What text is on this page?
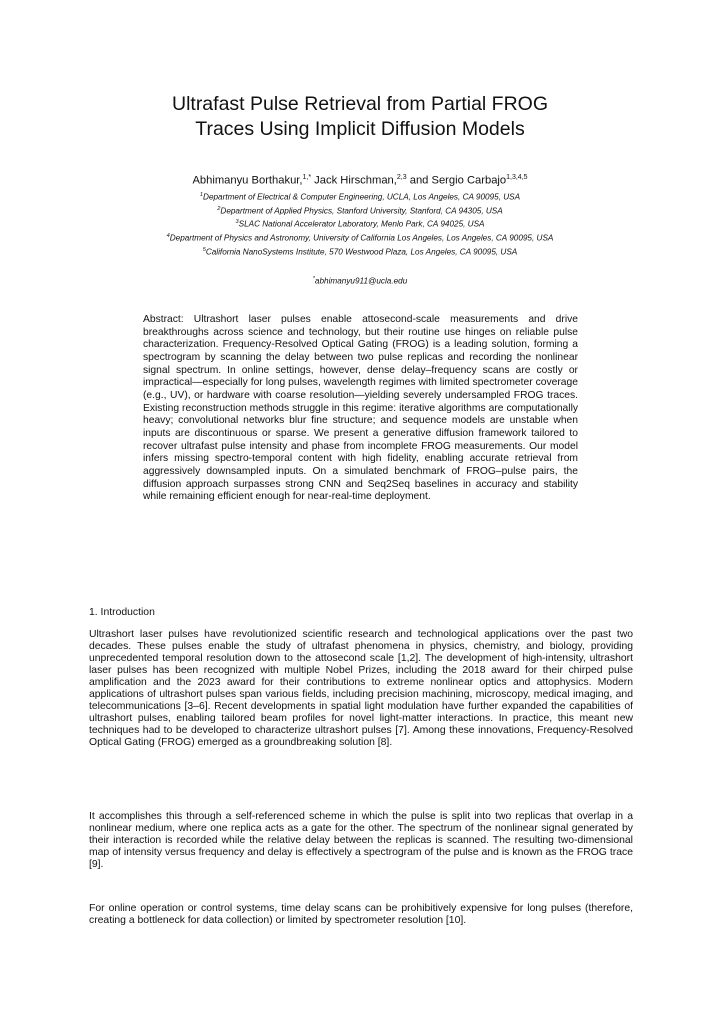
Ultrafast Pulse Retrieval from Partial FROG
Traces Using Implicit Diffusion Models
Abhimanyu Borthakur,$^{1,*}$ Jack Hirschman,$^{2,3}$ and Sergio Carbajo$^{1,3,4,5}$
$^1$Department of Electrical & Computer Engineering, UCLA, Los Angeles, CA 90095, USA
$^2$Department of Applied Physics, Stanford University, Stanford, CA 94305, USA
$^3$SLAC National Accelerator Laboratory, Menlo Park, CA 94025, USA
$^4$Department of Physics and Astronomy, University of California Los Angeles, Los Angeles, CA 90095, USA
$^5$California NanoSystems Institute, 570 Westwood Plaza, Los Angeles, CA 90095, USA
*abhimanyu911@ucla.edu

Abstract: Ultrashort laser pulses enable attosecond-scale measurements and drive breakthroughs across science and technology, but their routine use hinges on reliable pulse characterization. Frequency-Resolved Optical Gating (FROG) is a leading solution, forming a spectrogram by scanning the delay between two pulse replicas and recording the nonlinear signal spectrum. In online settings, however, dense delay–frequency scans are costly or impractical—especially for long pulses, wavelength regimes with limited spectrometer coverage (e.g., UV), or hardware with coarse resolution—yielding severely undersampled FROG traces. Existing reconstruction methods struggle in this regime: iterative algorithms are computationally heavy; convolutional networks blur fine structure; and sequence models are unstable when inputs are discontinuous or sparse. We present a generative diffusion framework tailored to recover ultrafast pulse intensity and phase from incomplete FROG measurements. Our model infers missing spectro-temporal content with high fidelity, enabling accurate retrieval from aggressively downsampled inputs. On a simulated benchmark of FROG–pulse pairs, the diffusion approach surpasses strong CNN and Seq2Seq baselines in accuracy and stability while remaining efficient enough for near-real-time deployment.

1. Introduction

Ultrashort laser pulses have revolutionized scientific research and technological applications over the past two decades. These pulses enable the study of ultrafast phenomena in physics, chemistry, and biology, providing unprecedented temporal resolution down to the attosecond scale [1,2]. The development of high-intensity, ultrashort laser pulses has been recognized with multiple Nobel Prizes, including the 2018 award for their chirped pulse amplification and the 2023 award for their contributions to extreme nonlinear optics and attophysics. Modern applications of ultrashort pulses span various fields, including precision machining, microscopy, medical imaging, and telecommunications [3–6]. Recent developments in spatial light modulation have further expanded the capabilities of ultrashort pulses, enabling tailored beam profiles for novel light-matter interactions. In practice, this meant new techniques had to be developed to characterize ultrashort pulses [7]. Among these innovations, Frequency-Resolved Optical Gating (FROG) emerged as a groundbreaking solution [8].

It accomplishes this through a self-referenced scheme in which the pulse is split into two replicas that overlap in a nonlinear medium, where one replica acts as a gate for the other. The spectrum of the nonlinear signal generated by their interaction is recorded while the relative delay between the replicas is scanned. The resulting two-dimensional map of intensity versus frequency and delay is effectively a spectrogram of the pulse and is known as the FROG trace [9].

For online operation or control systems, time delay scans can be prohibitively expensive for long pulses (therefore, creating a bottleneck for data collection) or limited by spectrometer resolution [10].
